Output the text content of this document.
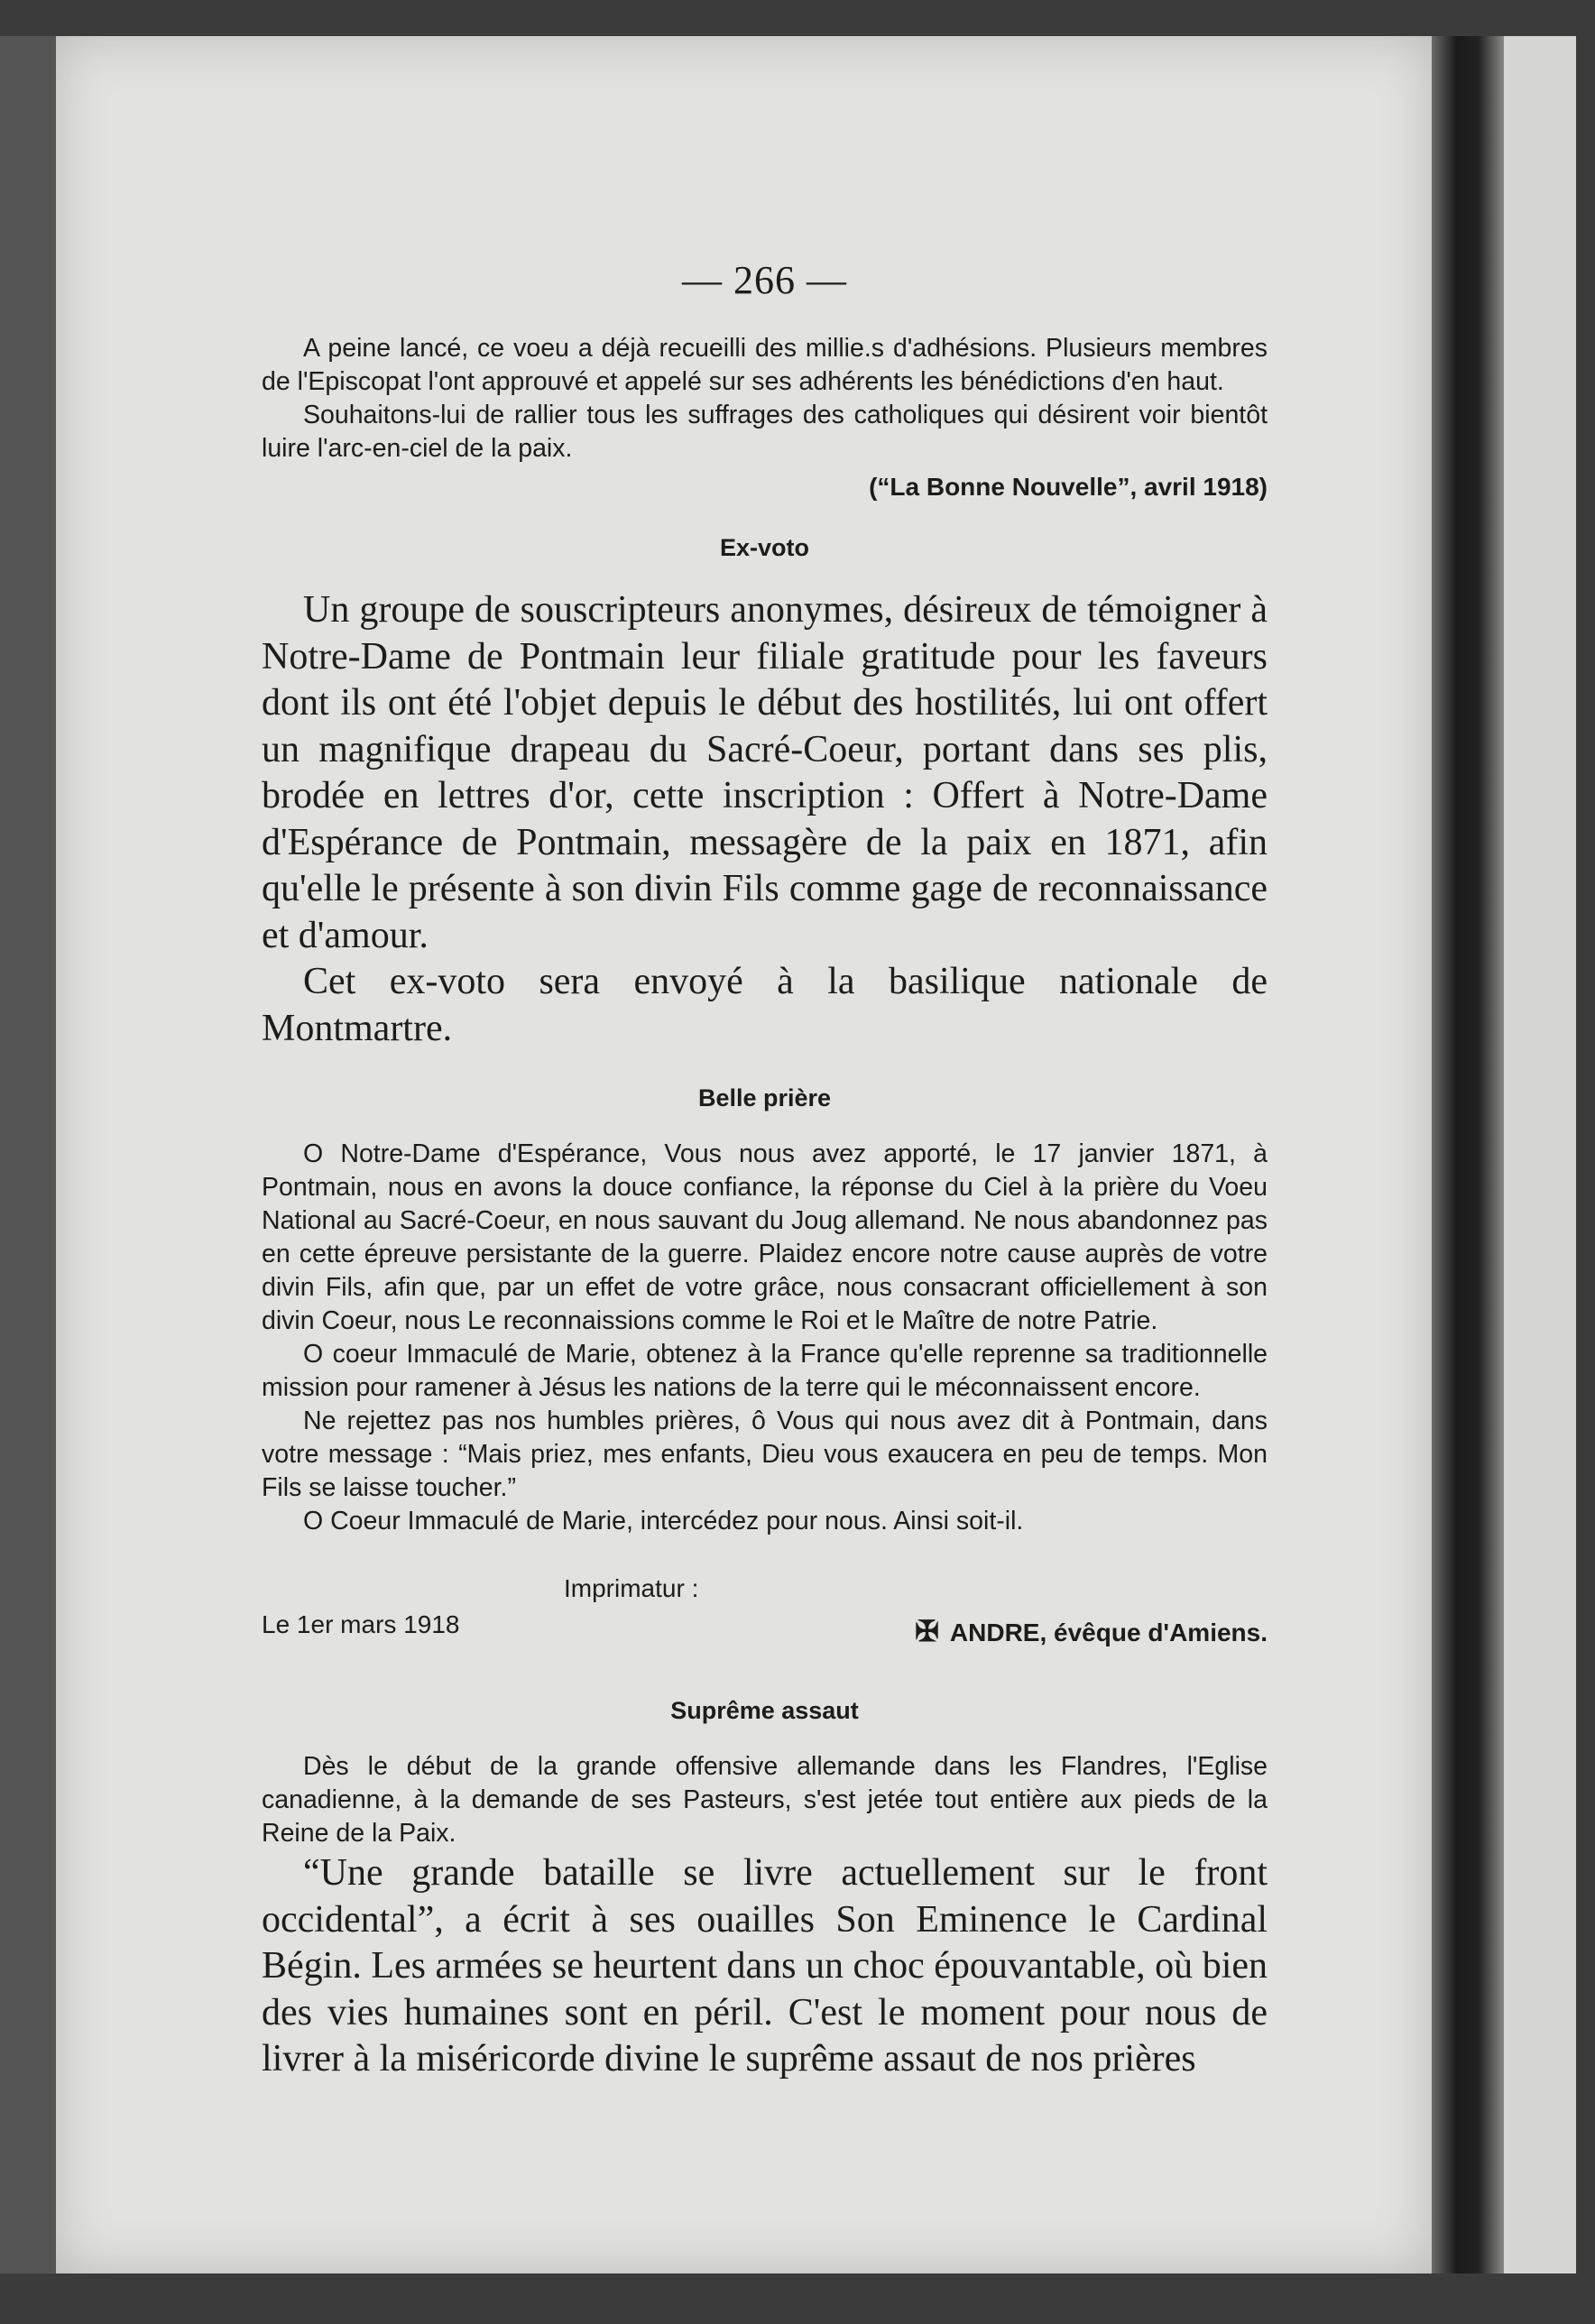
— 266 —

A peine lancé, ce voeu a déjà recueilli des millie.s d'adhésions. Plusieurs membres de l'Episcopat l'ont approuvé et appelé sur ses adhérents les bénédictions d'en haut.

Souhaitons-lui de rallier tous les suffrages des catholiques qui désirent voir bientôt luire l'arc-en-ciel de la paix.

(“La Bonne Nouvelle”, avril 1918)

Ex-voto

Un groupe de souscripteurs anonymes, désireux de témoigner à Notre-Dame de Pontmain leur filiale gratitude pour les faveurs dont ils ont été l'objet depuis le début des hostilités, lui ont offert un magnifique drapeau du Sacré-Coeur, portant dans ses plis, brodée en lettres d'or, cette inscription : Offert à Notre-Dame d'Espérance de Pontmain, messagère de la paix en 1871, afin qu'elle le présente à son divin Fils comme gage de reconnaissance et d'amour.

Cet ex-voto sera envoyé à la basilique nationale de Montmartre.

Belle prière

O Notre-Dame d'Espérance, Vous nous avez apporté, le 17 janvier 1871, à Pontmain, nous en avons la douce confiance, la réponse du Ciel à la prière du Voeu National au Sacré-Coeur, en nous sauvant du Joug allemand. Ne nous abandonnez pas en cette épreuve persistante de la guerre. Plaidez encore notre cause auprès de votre divin Fils, afin que, par un effet de votre grâce, nous consacrant officiellement à son divin Coeur, nous Le reconnaissions comme le Roi et le Maître de notre Patrie.

O coeur Immaculé de Marie, obtenez à la France qu'elle reprenne sa traditionnelle mission pour ramener à Jésus les nations de la terre qui le méconnaissent encore.

Ne rejettez pas nos humbles prières, ô Vous qui nous avez dit à Pontmain, dans votre message : “Mais priez, mes enfants, Dieu vous exaucera en peu de temps. Mon Fils se laisse toucher.”

O Coeur Immaculé de Marie, intercédez pour nous. Ainsi soit-il.

Imprimatur :
Le 1er mars 1918	✠ ANDRE, évêque d'Amiens.
Suprême assaut

Dès le début de la grande offensive allemande dans les Flandres, l'Eglise canadienne, à la demande de ses Pasteurs, s'est jetée tout entière aux pieds de la Reine de la Paix.

“Une grande bataille se livre actuellement sur le front occidental”, a écrit à ses ouailles Son Eminence le Cardinal Bégin. Les armées se heurtent dans un choc épouvantable, où bien des vies humaines sont en péril. C'est le moment pour nous de livrer à la miséricorde divine le suprême assaut de nos prières
